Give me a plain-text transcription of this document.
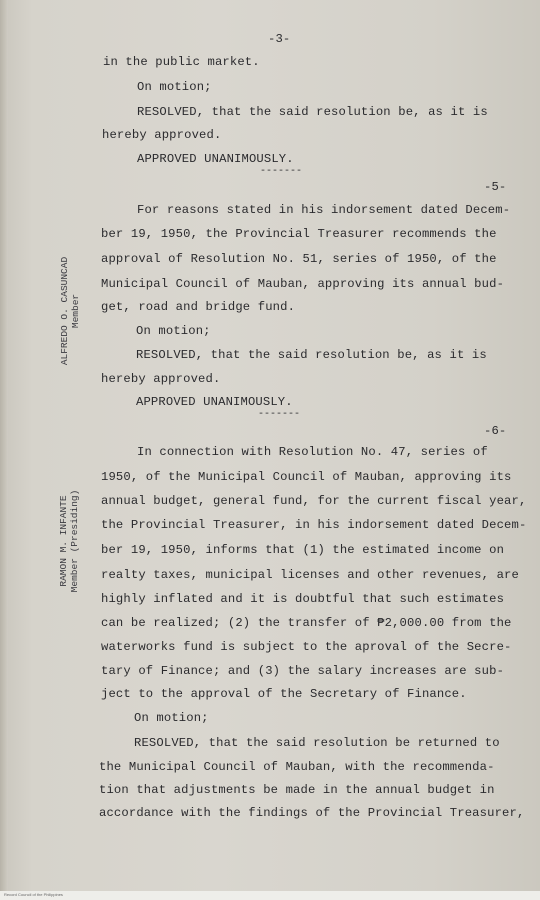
-3-
in the public market.
On motion;
RESOLVED, that the said resolution be, as it is
hereby approved.
APPROVED UNANIMOUSLY.
-------
-5-
For reasons stated in his indorsement dated Decem-
ber 19, 1950, the Provincial Treasurer recommends the
approval of Resolution No. 51, series of 1950, of the
Municipal Council of Mauban, approving its annual bud-
get, road and bridge fund.
On motion;
RESOLVED, that the said resolution be, as it is
hereby approved.
APPROVED UNANIMOUSLY.
-------
-6-
In connection with Resolution No. 47, series of
1950, of the Municipal Council of Mauban, approving its
annual budget, general fund, for the current fiscal year,
the Provincial Treasurer, in his indorsement dated Decem-
ber 19, 1950, informs that (1) the estimated income on
realty taxes, municipal licenses and other revenues, are
highly inflated and it is doubtful that such estimates
can be realized; (2) the transfer of ₱2,000.00 from the
waterworks fund is subject to the aproval of the Secre-
tary of Finance; and (3) the salary increases are sub-
ject to the approval of the Secretary of Finance.
On motion;
RESOLVED, that the said resolution be returned to
the Municipal Council of Mauban, with the recommenda-
tion that adjustments be made in the annual budget in
accordance with the findings of the Provincial Treasurer,
ALFREDO O. CASUNCAD Member
RAMON M. INFANTE Member (Presiding)
Record Council of the Philippines
